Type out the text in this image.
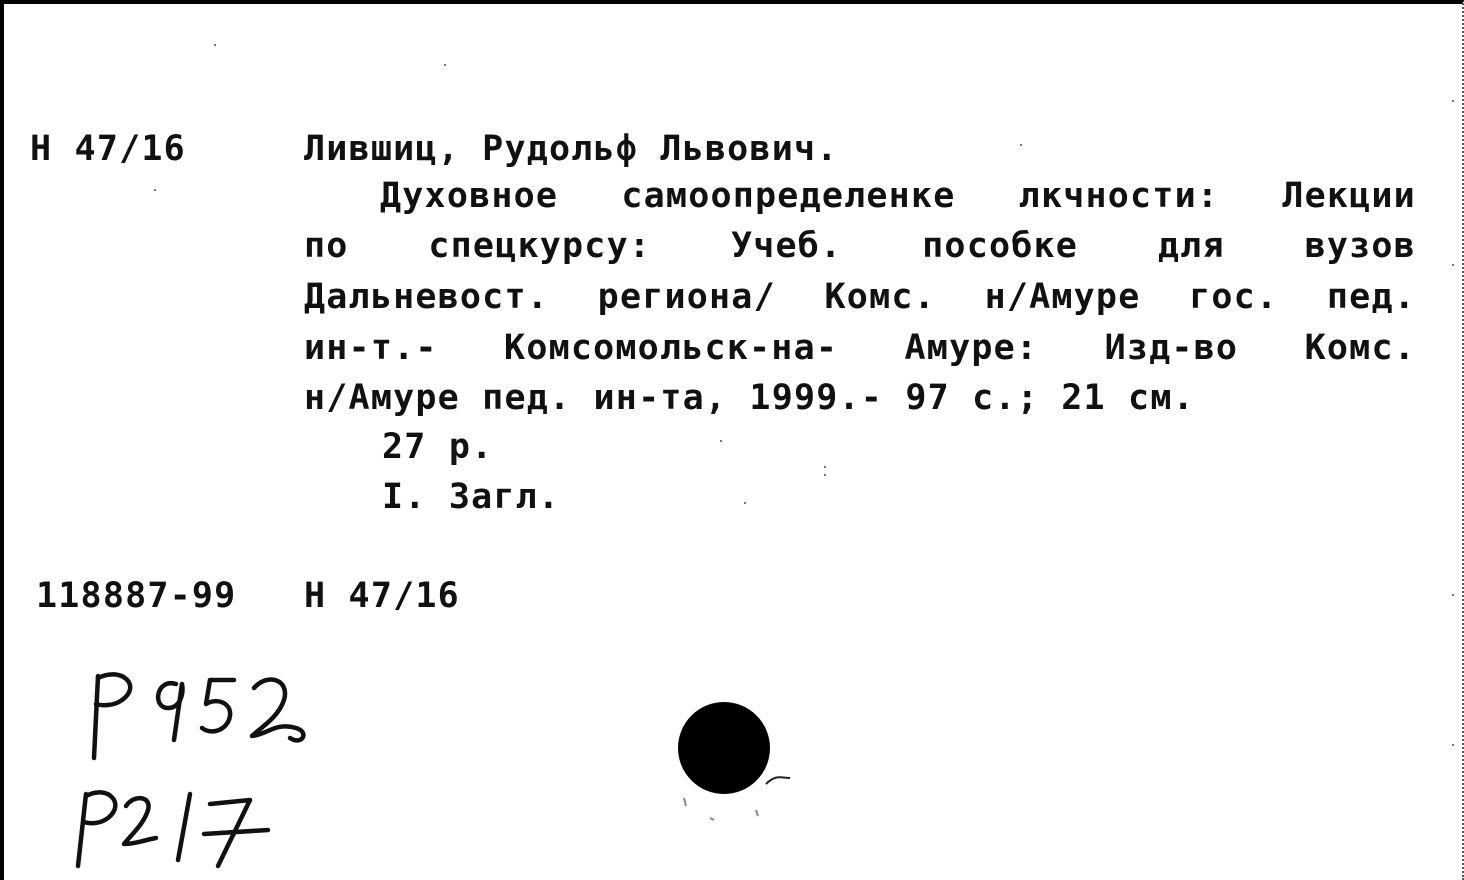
Н 47/16	Лившиц, Рудольф Львович.
Духовное самоопределенке лкчности: Лекции
по спецкурсу: Учеб. пособке для вузов
Дальневост. региона/ Комс. н/Амуре гос. пед.
ин-т.- Комсомольск-на- Амуре: Изд-во Комс.
н/Амуре пед. ин-та, 1999.- 97 с.; 21 см.
27 р.
I. Загл.
118887-99 Н 47/16
